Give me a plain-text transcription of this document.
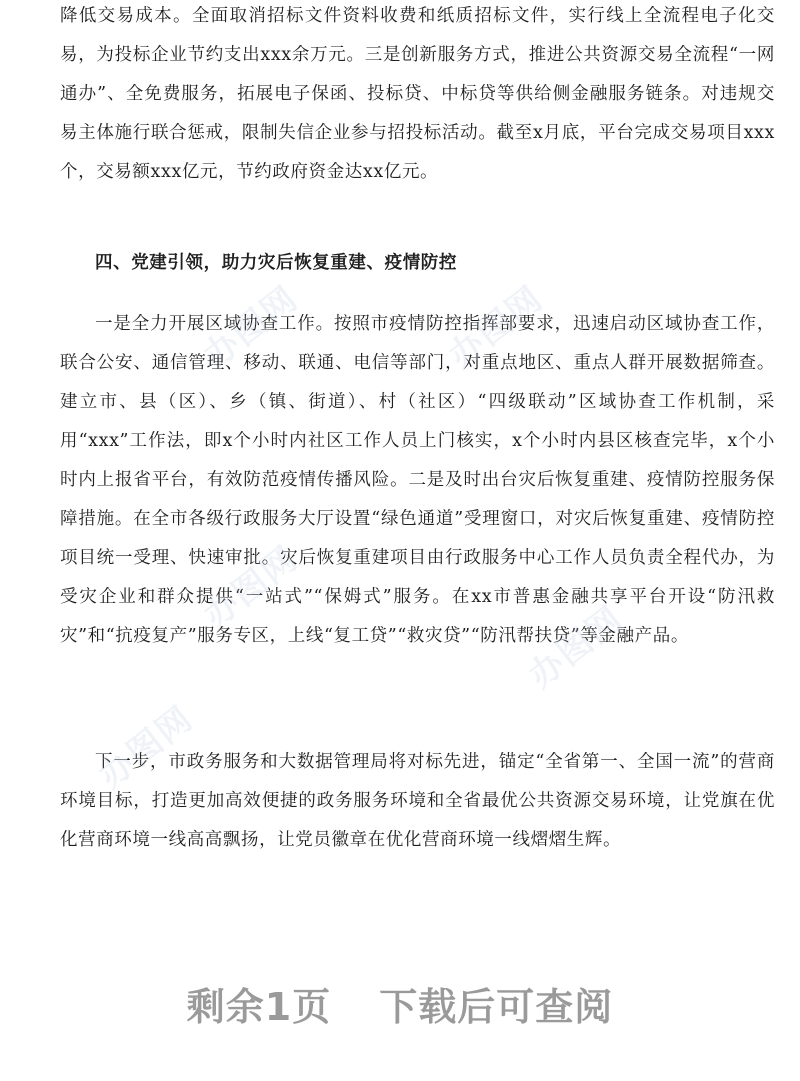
降低交易成本。全面取消招标文件资料收费和纸质招标文件，实行线上全流程电子化交易，为投标企业节约支出xxx余万元。三是创新服务方式，推进公共资源交易全流程“一网通办”、全免费服务，拓展电子保函、投标贷、中标贷等供给侧金融服务链条。对违规交易主体施行联合惩戒，限制失信企业参与招投标活动。截至x月底，平台完成交易项目xxx个，交易额xxx亿元，节约政府资金达xx亿元。

四、党建引领，助力灾后恢复重建、疫情防控

一是全力开展区域协查工作。按照市疫情防控指挥部要求，迅速启动区域协查工作，联合公安、通信管理、移动、联通、电信等部门，对重点地区、重点人群开展数据筛查。建立市、县（区）、乡（镇、街道）、村（社区）“四级联动”区域协查工作机制，采用“xxx”工作法，即x个小时内社区工作人员上门核实，x个小时内县区核查完毕，x个小时内上报省平台，有效防范疫情传播风险。二是及时出台灾后恢复重建、疫情防控服务保障措施。在全市各级行政服务大厅设置“绿色通道”受理窗口，对灾后恢复重建、疫情防控项目统一受理、快速审批。灾后恢复重建项目由行政服务中心工作人员负责全程代办，为受灾企业和群众提供“一站式”“保姆式”服务。在xx市普惠金融共享平台开设“防汛救灾”和“抗疫复产”服务专区，上线“复工贷”“救灾贷”“防汛帮扶贷”等金融产品。

下一步，市政务服务和大数据管理局将对标先进，锚定“全省第一、全国一流”的营商环境目标，打造更加高效便捷的政务服务环境和全省最优公共资源交易环境，让党旗在优化营商环境一线高高飘扬，让党员徽章在优化营商环境一线熠熠生辉。

办图网	办图网
办图网
办图网
办图网
剩余1页 下载后可查阅
